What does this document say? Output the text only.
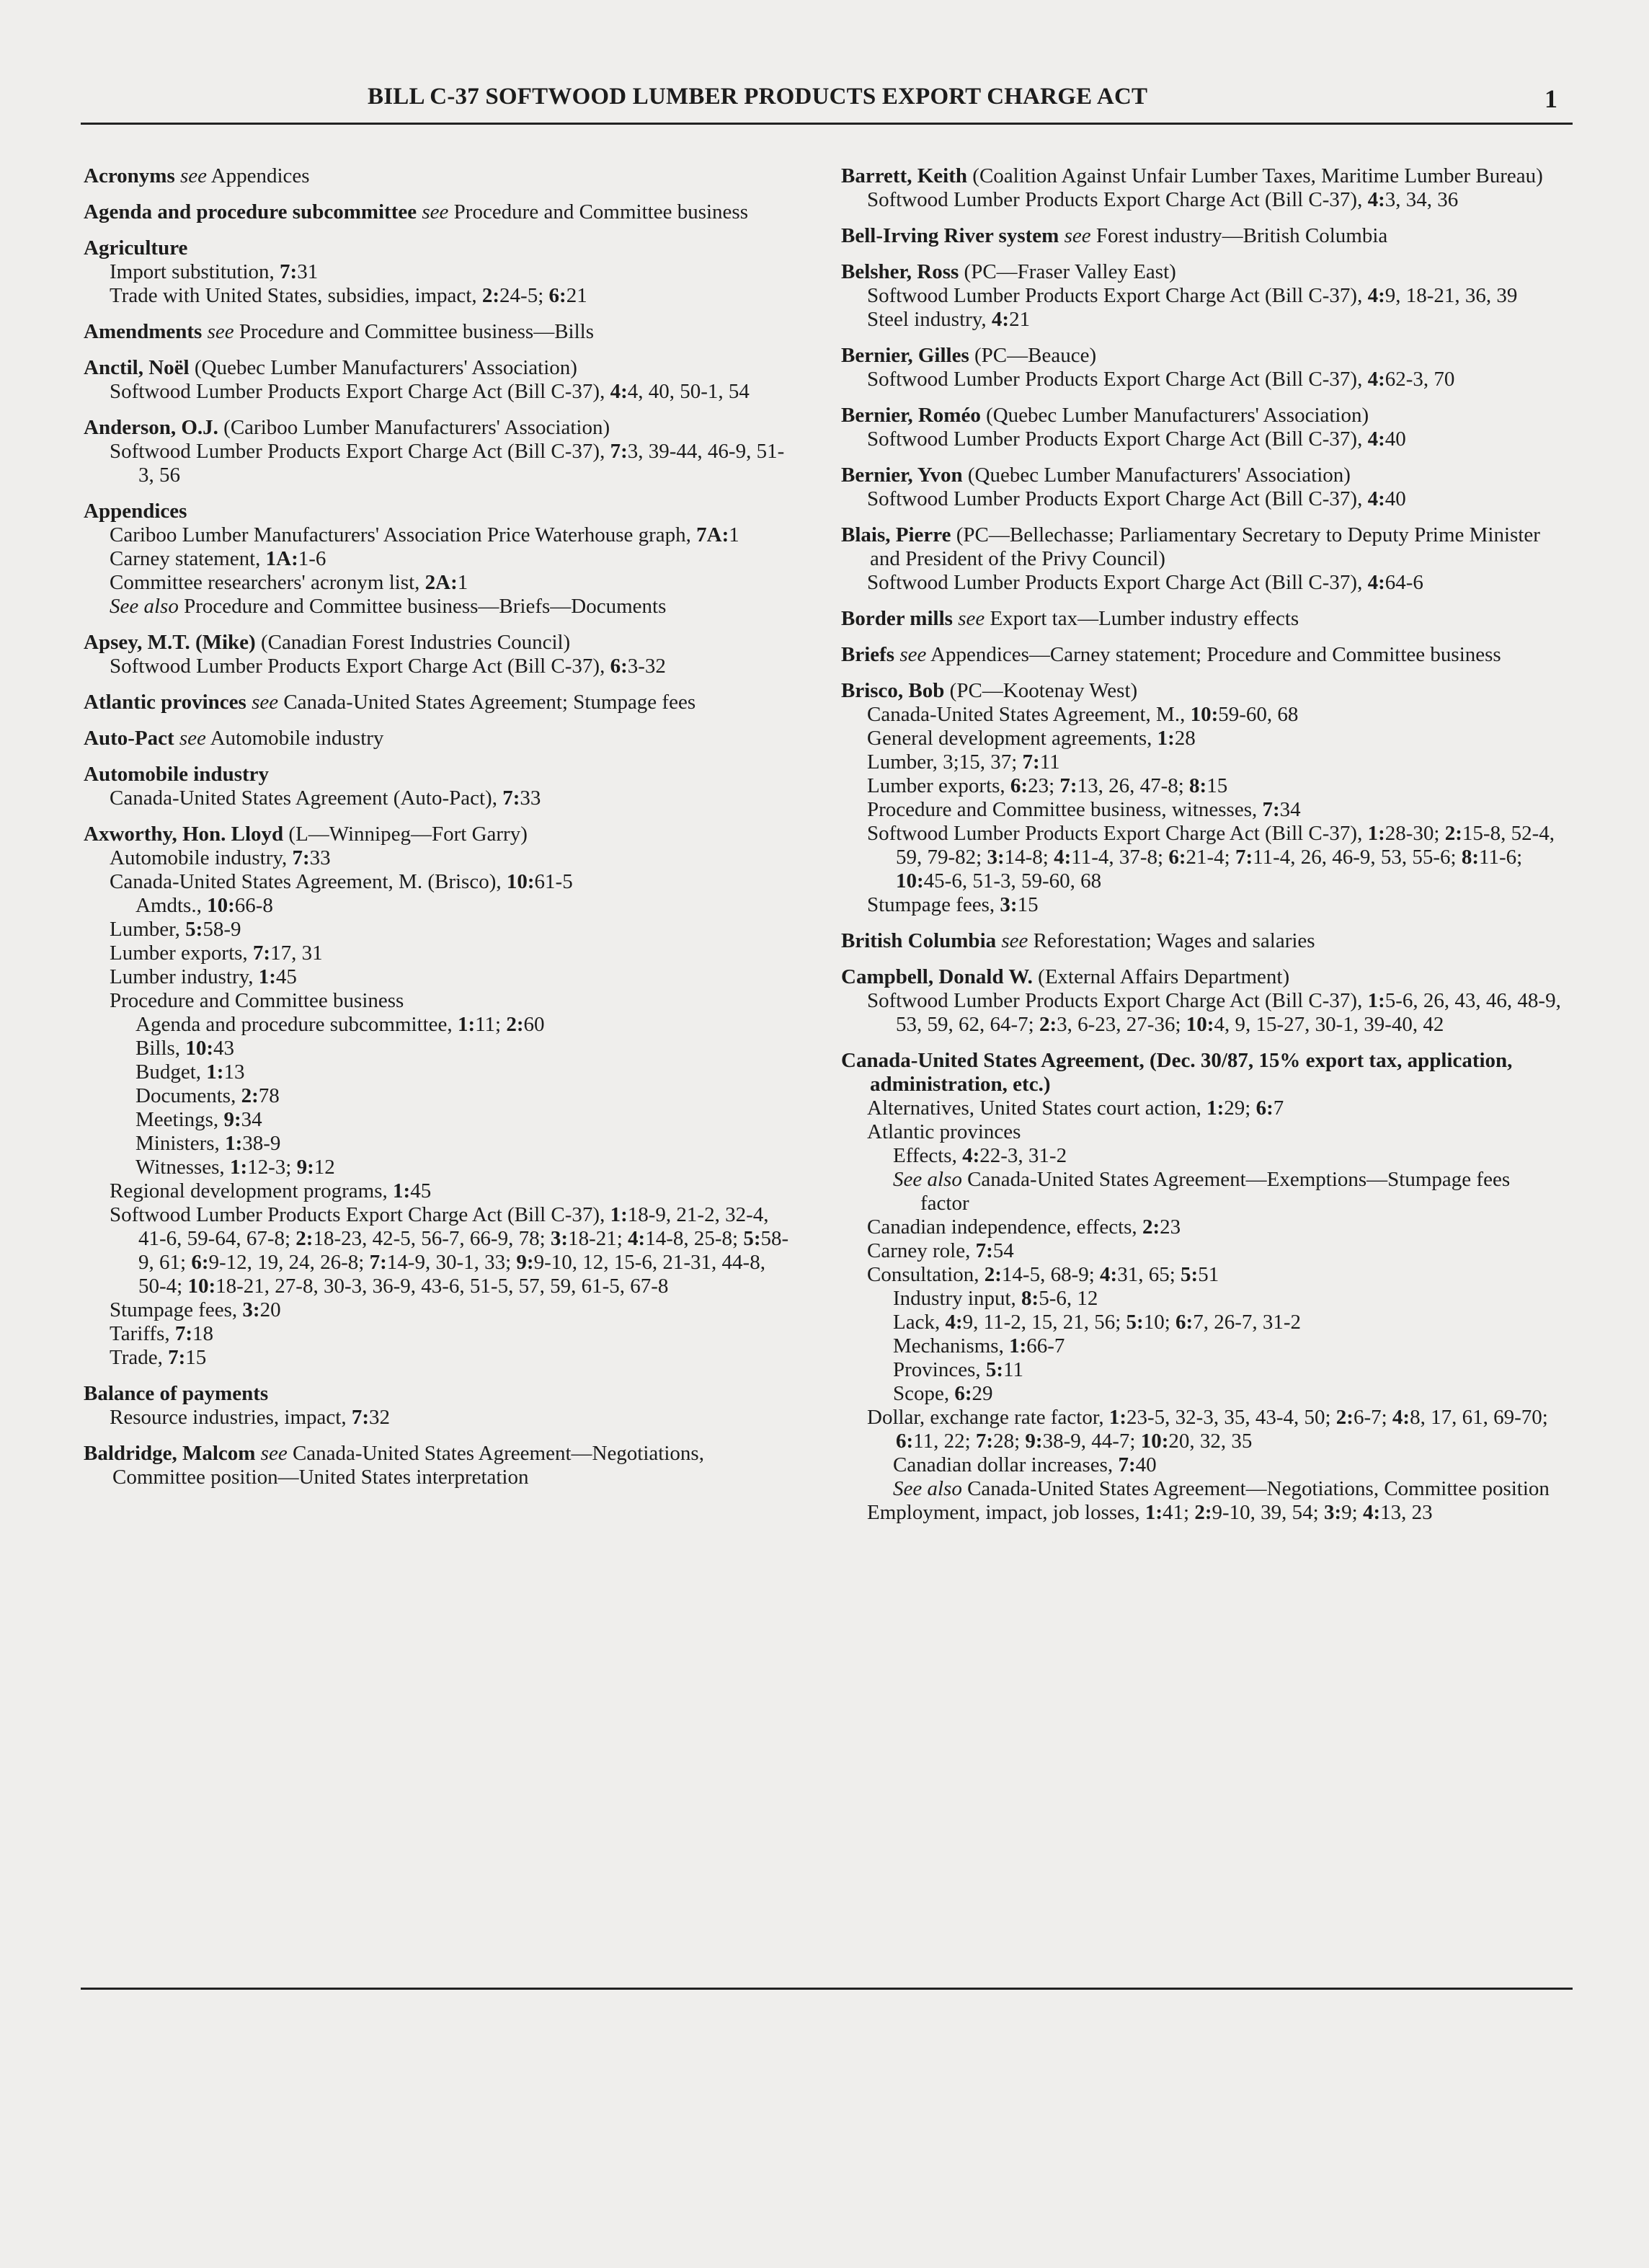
BILL C-37 SOFTWOOD LUMBER PRODUCTS EXPORT CHARGE ACT	1
Acronyms see Appendices
Agenda and procedure subcommittee see Procedure and Committee business
Agriculture
Import substitution, 7:31
Trade with United States, subsidies, impact, 2:24-5; 6:21
Amendments see Procedure and Committee business—Bills
Anctil, Noël (Quebec Lumber Manufacturers' Association)
Softwood Lumber Products Export Charge Act (Bill C-37), 4:4, 40, 50-1, 54
Anderson, O.J. (Cariboo Lumber Manufacturers' Association)
Softwood Lumber Products Export Charge Act (Bill C-37), 7:3, 39-44, 46-9, 51-3, 56
Appendices
Cariboo Lumber Manufacturers' Association Price Waterhouse graph, 7A:1
Carney statement, 1A:1-6
Committee researchers' acronym list, 2A:1
See also Procedure and Committee business—Briefs—Documents
Apsey, M.T. (Mike) (Canadian Forest Industries Council)
Softwood Lumber Products Export Charge Act (Bill C-37), 6:3-32
Atlantic provinces see Canada-United States Agreement; Stumpage fees
Auto-Pact see Automobile industry
Automobile industry
Canada-United States Agreement (Auto-Pact), 7:33
Axworthy, Hon. Lloyd (L—Winnipeg—Fort Garry)
Automobile industry, 7:33
Canada-United States Agreement, M. (Brisco), 10:61-5
Amdts., 10:66-8
Lumber, 5:58-9
Lumber exports, 7:17, 31
Lumber industry, 1:45
Procedure and Committee business
Agenda and procedure subcommittee, 1:11; 2:60
Bills, 10:43
Budget, 1:13
Documents, 2:78
Meetings, 9:34
Ministers, 1:38-9
Witnesses, 1:12-3; 9:12
Regional development programs, 1:45
Softwood Lumber Products Export Charge Act (Bill C-37), 1:18-9, 21-2, 32-4, 41-6, 59-64, 67-8; 2:18-23, 42-5, 56-7, 66-9, 78; 3:18-21; 4:14-8, 25-8; 5:58-9, 61; 6:9-12, 19, 24, 26-8; 7:14-9, 30-1, 33; 9:9-10, 12, 15-6, 21-31, 44-8, 50-4; 10:18-21, 27-8, 30-3, 36-9, 43-6, 51-5, 57, 59, 61-5, 67-8
Stumpage fees, 3:20
Tariffs, 7:18
Trade, 7:15
Balance of payments
Resource industries, impact, 7:32
Baldridge, Malcom see Canada-United States Agreement—Negotiations, Committee position—United States interpretation
Barrett, Keith (Coalition Against Unfair Lumber Taxes, Maritime Lumber Bureau)
Softwood Lumber Products Export Charge Act (Bill C-37), 4:3, 34, 36
Bell-Irving River system see Forest industry—British Columbia
Belsher, Ross (PC—Fraser Valley East)
Softwood Lumber Products Export Charge Act (Bill C-37), 4:9, 18-21, 36, 39
Steel industry, 4:21
Bernier, Gilles (PC—Beauce)
Softwood Lumber Products Export Charge Act (Bill C-37), 4:62-3, 70
Bernier, Roméo (Quebec Lumber Manufacturers' Association)
Softwood Lumber Products Export Charge Act (Bill C-37), 4:40
Bernier, Yvon (Quebec Lumber Manufacturers' Association)
Softwood Lumber Products Export Charge Act (Bill C-37), 4:40
Blais, Pierre (PC—Bellechasse; Parliamentary Secretary to Deputy Prime Minister and President of the Privy Council)
Softwood Lumber Products Export Charge Act (Bill C-37), 4:64-6
Border mills see Export tax—Lumber industry effects
Briefs see Appendices—Carney statement; Procedure and Committee business
Brisco, Bob (PC—Kootenay West)
Canada-United States Agreement, M., 10:59-60, 68
General development agreements, 1:28
Lumber, 3;15, 37; 7:11
Lumber exports, 6:23; 7:13, 26, 47-8; 8:15
Procedure and Committee business, witnesses, 7:34
Softwood Lumber Products Export Charge Act (Bill C-37), 1:28-30; 2:15-8, 52-4, 59, 79-82; 3:14-8; 4:11-4, 37-8; 6:21-4; 7:11-4, 26, 46-9, 53, 55-6; 8:11-6; 10:45-6, 51-3, 59-60, 68
Stumpage fees, 3:15
British Columbia see Reforestation; Wages and salaries
Campbell, Donald W. (External Affairs Department)
Softwood Lumber Products Export Charge Act (Bill C-37), 1:5-6, 26, 43, 46, 48-9, 53, 59, 62, 64-7; 2:3, 6-23, 27-36; 10:4, 9, 15-27, 30-1, 39-40, 42
Canada-United States Agreement, (Dec. 30/87, 15% export tax, application, administration, etc.)
Alternatives, United States court action, 1:29; 6:7
Atlantic provinces
Effects, 4:22-3, 31-2
See also Canada-United States Agreement—Exemptions—Stumpage fees factor
Canadian independence, effects, 2:23
Carney role, 7:54
Consultation, 2:14-5, 68-9; 4:31, 65; 5:51
Industry input, 8:5-6, 12
Lack, 4:9, 11-2, 15, 21, 56; 5:10; 6:7, 26-7, 31-2
Mechanisms, 1:66-7
Provinces, 5:11
Scope, 6:29
Dollar, exchange rate factor, 1:23-5, 32-3, 35, 43-4, 50; 2:6-7; 4:8, 17, 61, 69-70; 6:11, 22; 7:28; 9:38-9, 44-7; 10:20, 32, 35
Canadian dollar increases, 7:40
See also Canada-United States Agreement—Negotiations, Committee position
Employment, impact, job losses, 1:41; 2:9-10, 39, 54; 3:9; 4:13, 23
